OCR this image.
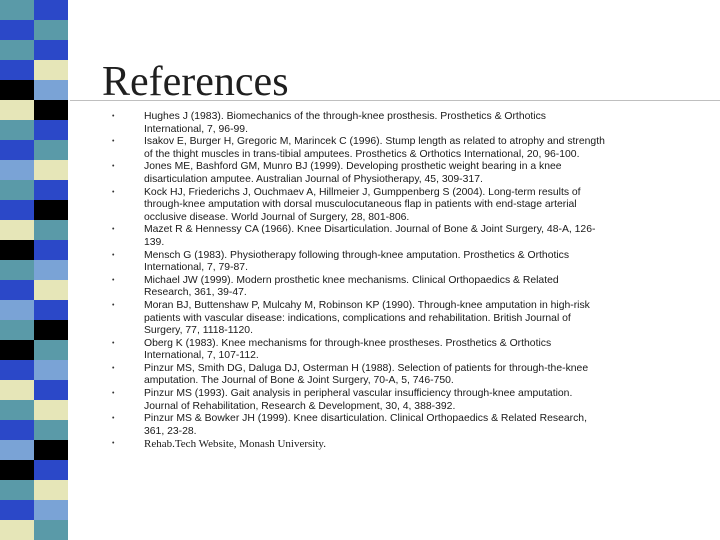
References
•	Hughes J (1983). Biomechanics of the through-knee prosthesis. Prosthetics & Orthotics
International, 7, 96-99.
•	Isakov E, Burger H, Gregoric M, Marincek C (1996). Stump length as related to atrophy and strength
of the thight muscles in trans-tibial amputees. Prosthetics & Orthotics International, 20, 96-100.
•	Jones ME, Bashford GM, Munro BJ (1999). Developing prosthetic weight bearing in a knee
disarticulation amputee. Australian Journal of Physiotherapy, 45, 309-317.
•	Kock HJ, Friederichs J, Ouchmaev A, Hillmeier J, Gumppenberg S (2004). Long-term results of
through-knee amputation with dorsal musculocutaneous flap in patients with end-stage arterial
occlusive disease. World Journal of Surgery, 28, 801-806.
•	Mazet R & Hennessy CA (1966). Knee Disarticulation. Journal of Bone & Joint Surgery, 48-A, 126-
139.
•	Mensch G (1983). Physiotherapy following through-knee amputation. Prosthetics & Orthotics
International, 7, 79-87.
•	Michael JW (1999). Modern prosthetic knee mechanisms. Clinical Orthopaedics & Related
Research, 361, 39-47.
•	Moran BJ, Buttenshaw P, Mulcahy M, Robinson KP (1990). Through-knee amputation in high-risk
patients with vascular disease: indications, complications and rehabilitation. British Journal of
Surgery, 77, 1118-1120.
•	Oberg K (1983). Knee mechanisms for through-knee prostheses. Prosthetics & Orthotics
International, 7, 107-112.
•	Pinzur MS, Smith DG, Daluga DJ, Osterman H (1988). Selection of patients for through-the-knee
amputation. The Journal of Bone & Joint Surgery, 70-A, 5, 746-750.
•	Pinzur MS (1993). Gait analysis in peripheral vascular insufficiency through-knee amputation.
Journal of Rehabilitation, Research & Development, 30, 4, 388-392.
•	Pinzur MS & Bowker JH (1999). Knee disarticulation. Clinical Orthopaedics & Related Research,
361, 23-28.
•	Rehab.Tech Website, Monash University.
